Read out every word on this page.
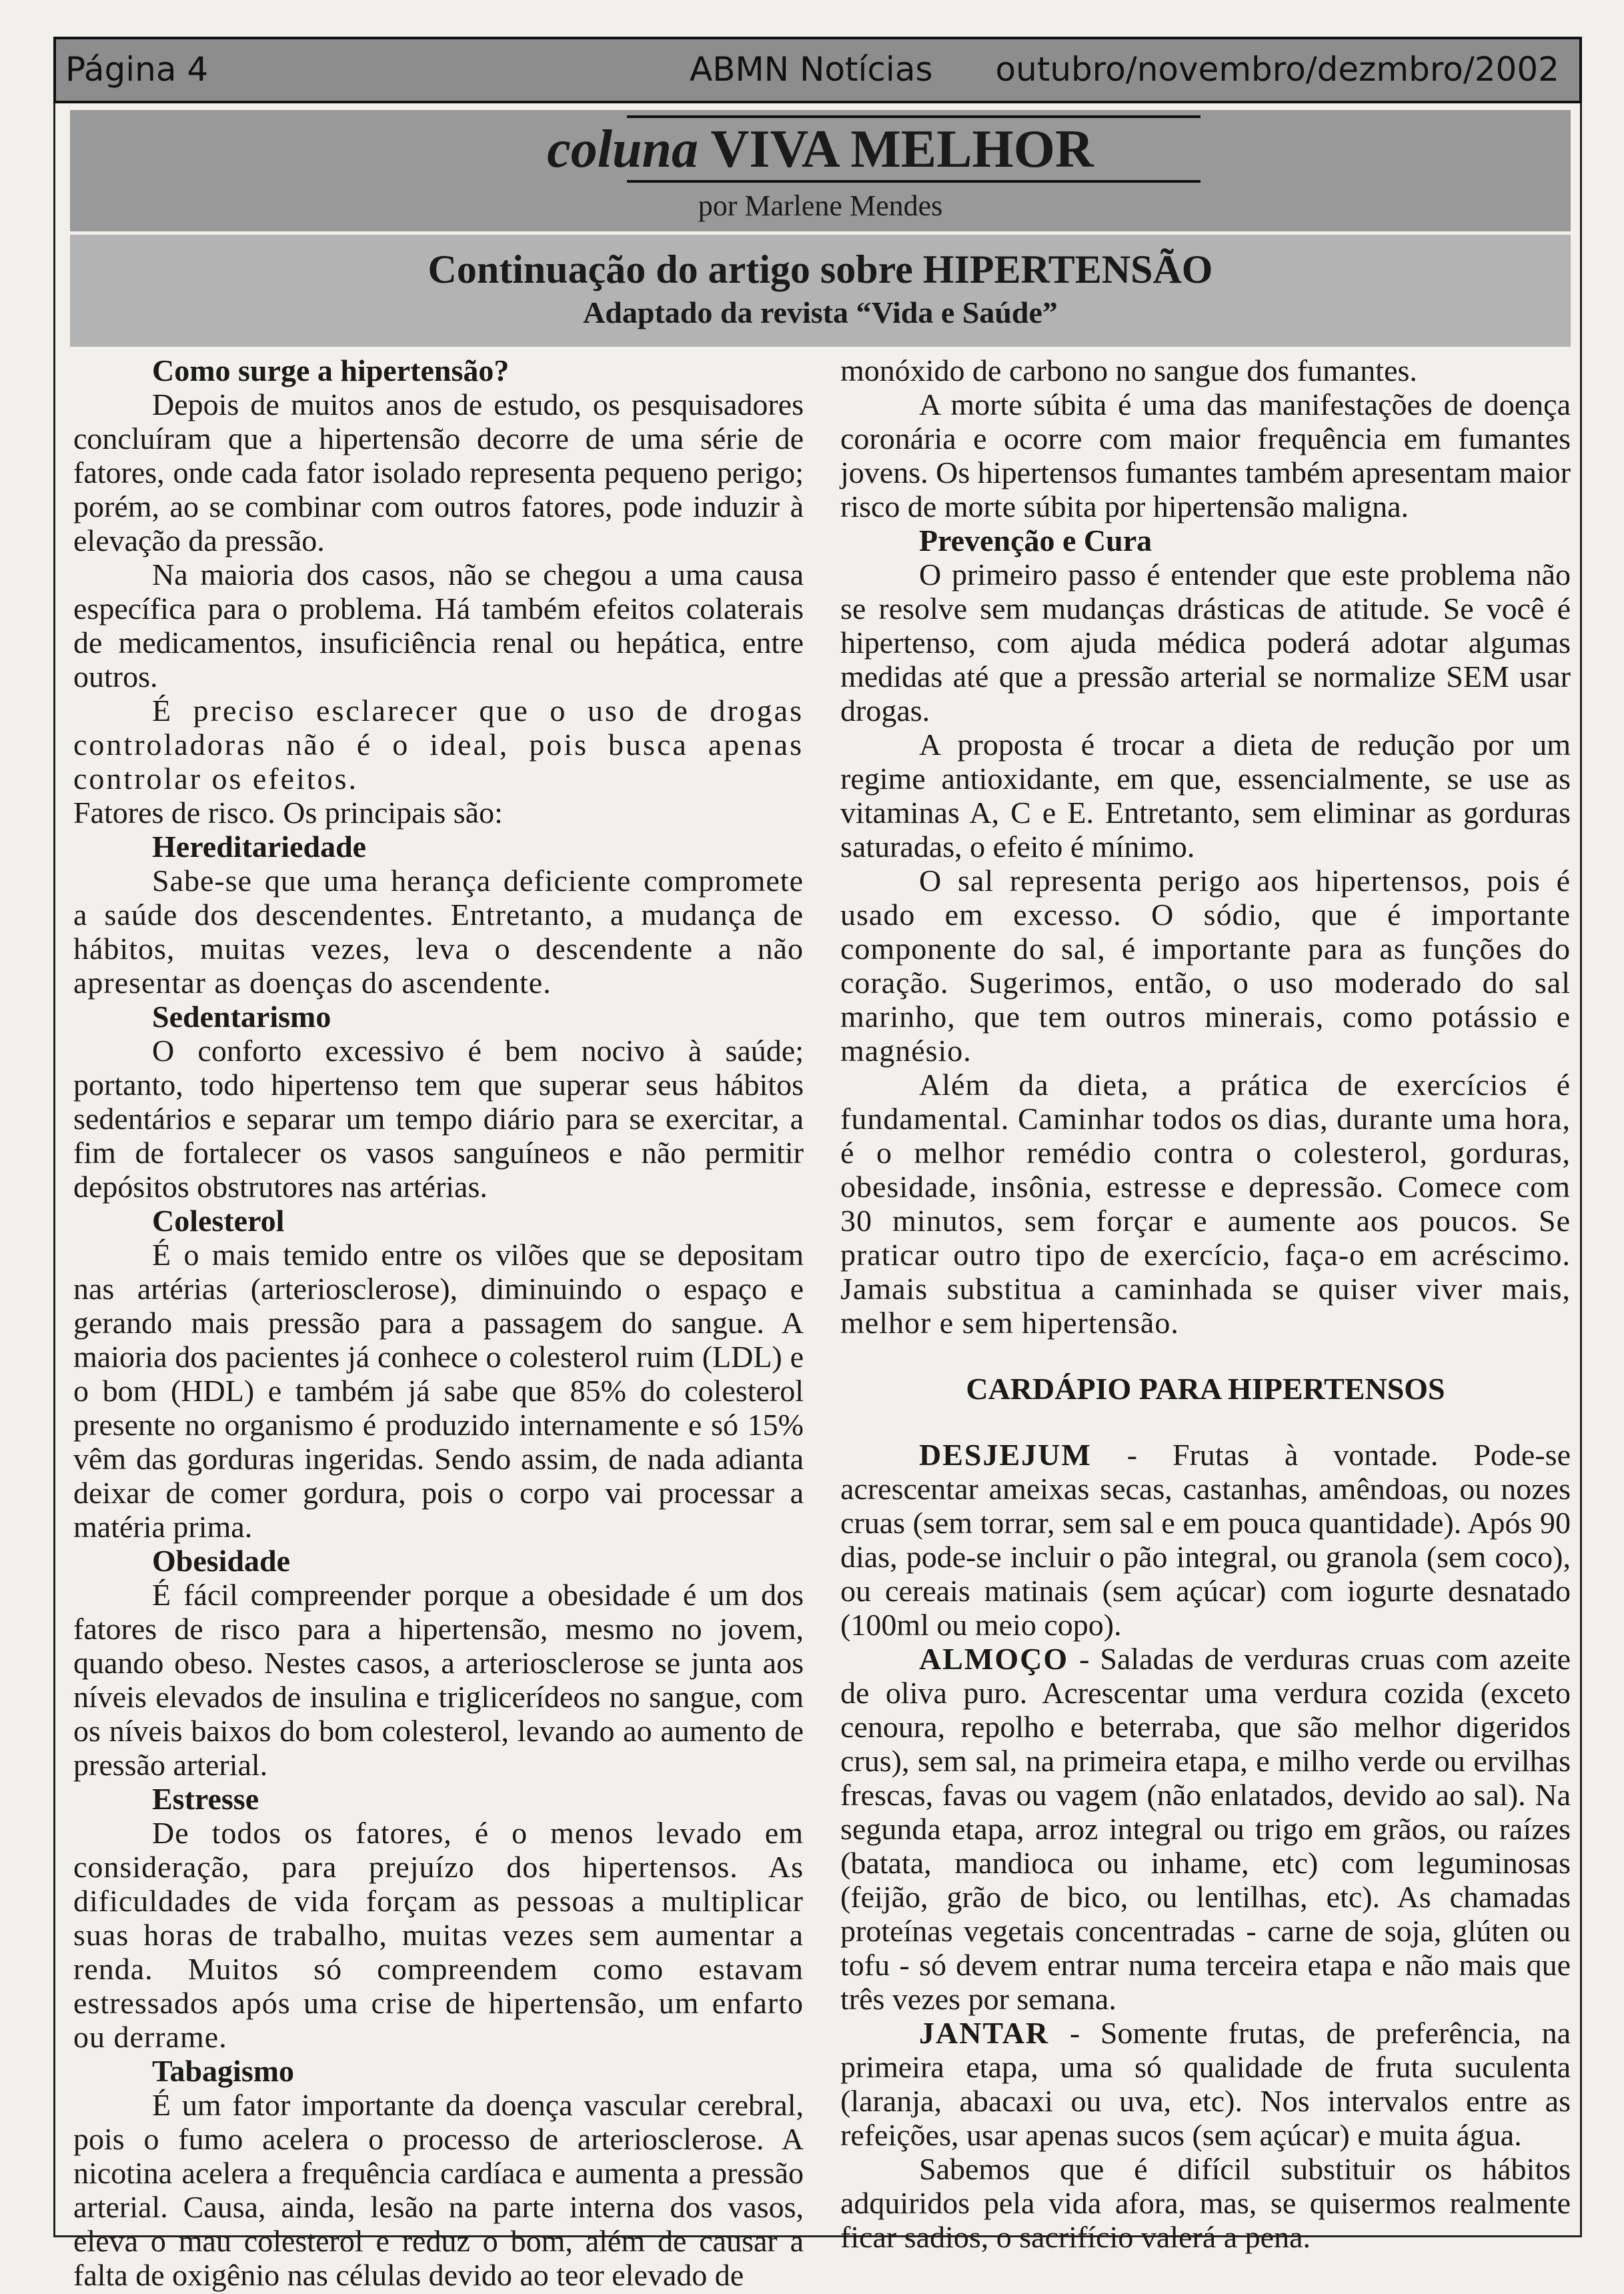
Página 4	ABMN Notícias outubro/novembro/dezmbro/2002
coluna VIVA MELHOR
por Marlene Mendes
Continuação do artigo sobre HIPERTENSÃO
Adaptado da revista “Vida e Saúde”
Como surge a hipertensão?

Depois de muitos anos de estudo, os pesquisadores concluíram que a hipertensão decorre de uma série de fatores, onde cada fator isolado representa pequeno perigo; porém, ao se combinar com outros fatores, pode induzir à elevação da pressão.

Na maioria dos casos, não se chegou a uma causa específica para o problema. Há também efeitos colaterais de medicamentos, insuficiência renal ou hepática, entre outros.

É preciso esclarecer que o uso de drogas controladoras não é o ideal, pois busca apenas controlar os efeitos.

Fatores de risco. Os principais são:

Hereditariedade

Sabe-se que uma herança deficiente compromete a saúde dos descendentes. Entretanto, a mudança de hábitos, muitas vezes, leva o descendente a não apresentar as doenças do ascendente.

Sedentarismo

O conforto excessivo é bem nocivo à saúde; portanto, todo hipertenso tem que superar seus hábitos sedentários e separar um tempo diário para se exercitar, a fim de fortalecer os vasos sanguíneos e não permitir depósitos obstrutores nas artérias.

Colesterol

É o mais temido entre os vilões que se depositam nas artérias (arteriosclerose), diminuindo o espaço e gerando mais pressão para a passagem do sangue. A maioria dos pacientes já conhece o colesterol ruim (LDL) e o bom (HDL) e também já sabe que 85% do colesterol presente no organismo é produzido internamente e só 15% vêm das gorduras ingeridas. Sendo assim, de nada adianta deixar de comer gordura, pois o corpo vai processar a matéria prima.

Obesidade

É fácil compreender porque a obesidade é um dos fatores de risco para a hipertensão, mesmo no jovem, quando obeso. Nestes casos, a arteriosclerose se junta aos níveis elevados de insulina e triglicerídeos no sangue, com os níveis baixos do bom colesterol, levando ao aumento de pressão arterial.

Estresse

De todos os fatores, é o menos levado em consideração, para prejuízo dos hipertensos. As dificuldades de vida forçam as pessoas a multiplicar suas horas de trabalho, muitas vezes sem aumentar a renda. Muitos só compreendem como estavam estressados após uma crise de hipertensão, um enfarto ou derrame.

Tabagismo

É um fator importante da doença vascular cerebral, pois o fumo acelera o processo de arteriosclerose. A nicotina acelera a frequência cardíaca e aumenta a pressão arterial. Causa, ainda, lesão na parte interna dos vasos, eleva o mau colesterol e reduz o bom, além de causar a falta de oxigênio nas células devido ao teor elevado de

monóxido de carbono no sangue dos fumantes.

A morte súbita é uma das manifestações de doença coronária e ocorre com maior frequência em fumantes jovens. Os hipertensos fumantes também apresentam maior risco de morte súbita por hipertensão maligna.

Prevenção e Cura

O primeiro passo é entender que este problema não se resolve sem mudanças drásticas de atitude. Se você é hipertenso, com ajuda médica poderá adotar algumas medidas até que a pressão arterial se normalize SEM usar drogas.

A proposta é trocar a dieta de redução por um regime antioxidante, em que, essencialmente, se use as vitaminas A, C e E. Entretanto, sem eliminar as gorduras saturadas, o efeito é mínimo.

O sal representa perigo aos hipertensos, pois é usado em excesso. O sódio, que é importante componente do sal, é importante para as funções do coração. Sugerimos, então, o uso moderado do sal marinho, que tem outros minerais, como potássio e magnésio.

Além da dieta, a prática de exercícios é fundamental. Caminhar todos os dias, durante uma hora, é o melhor remédio contra o colesterol, gorduras, obesidade, insônia, estresse e depressão. Comece com 30 minutos, sem forçar e aumente aos poucos. Se praticar outro tipo de exercício, faça-o em acréscimo. Jamais substitua a caminhada se quiser viver mais, melhor e sem hipertensão.

CARDÁPIO PARA HIPERTENSOS

DESJEJUM - Frutas à vontade. Pode-se acrescentar ameixas secas, castanhas, amêndoas, ou nozes cruas (sem torrar, sem sal e em pouca quantidade). Após 90 dias, pode-se incluir o pão integral, ou granola (sem coco), ou cereais matinais (sem açúcar) com iogurte desnatado (100ml ou meio copo).

ALMOÇO - Saladas de verduras cruas com azeite de oliva puro. Acrescentar uma verdura cozida (exceto cenoura, repolho e beterraba, que são melhor digeridos crus), sem sal, na primeira etapa, e milho verde ou ervilhas frescas, favas ou vagem (não enlatados, devido ao sal). Na segunda etapa, arroz integral ou trigo em grãos, ou raízes (batata, mandioca ou inhame, etc) com leguminosas (feijão, grão de bico, ou lentilhas, etc). As chamadas proteínas vegetais concentradas - carne de soja, glúten ou tofu - só devem entrar numa terceira etapa e não mais que três vezes por semana.

JANTAR - Somente frutas, de preferência, na primeira etapa, uma só qualidade de fruta suculenta (laranja, abacaxi ou uva, etc). Nos intervalos entre as refeições, usar apenas sucos (sem açúcar) e muita água.

Sabemos que é difícil substituir os hábitos adquiridos pela vida afora, mas, se quisermos realmente ficar sadios, o sacrifício valerá a pena.
